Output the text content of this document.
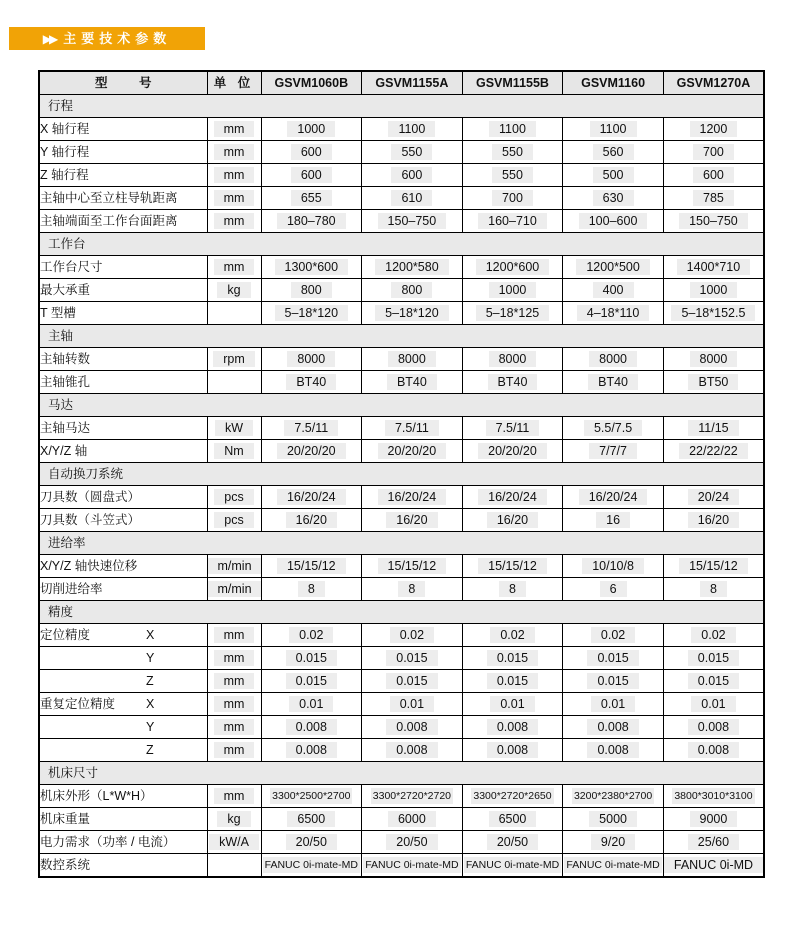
▶▶ 主要技术参数
型 号	单 位	GSVM1060B	GSVM1155A	GSVM1155B	GSVM1160	GSVM1270A
行程						
X 轴行程	mm	1000	1100	1100	1100	1200
Y 轴行程	mm	600	550	550	560	700
Z 轴行程	mm	600	600	550	500	600
主轴中心至立柱导轨距离	mm	655	610	700	630	785
主轴端面至工作台面距离	mm	180–780	150–750	160–710	100–600	150–750
工作台						
工作台尺寸	mm	1300*600	1200*580	1200*600	1200*500	1400*710
最大承重	kg	800	800	1000	400	1000
T 型槽		5–18*120	5–18*120	5–18*125	4–18*110	5–18*152.5
主轴						
主轴转数	rpm	8000	8000	8000	8000	8000
主轴锥孔		BT40	BT40	BT40	BT40	BT50
马达						
主轴马达	kW	7.5/11	7.5/11	7.5/11	5.5/7.5	11/15
X/Y/Z 轴	Nm	20/20/20	20/20/20	20/20/20	7/7/7	22/22/22
自动换刀系统						
刀具数（圆盘式）	pcs	16/20/24	16/20/24	16/20/24	16/20/24	20/24
刀具数（斗笠式）	pcs	16/20	16/20	16/20	16	16/20
进给率						
X/Y/Z 轴快速位移	m/min	15/15/12	15/15/12	15/15/12	10/10/8	15/15/12
切削进给率	m/min	8	8	8	6	8
精度						
定位精度 X	mm	0.02	0.02	0.02	0.02	0.02

Y	mm	0.015	0.015	0.015	0.015	0.015

Z	mm	0.015	0.015	0.015	0.015	0.015
重复定位精度 X	mm	0.01	0.01	0.01	0.01	0.01

Y	mm	0.008	0.008	0.008	0.008	0.008

Z	mm	0.008	0.008	0.008	0.008	0.008
机床尺寸						
机床外形（L*W*H）	mm	3300*2500*2700	3300*2720*2720	3300*2720*2650	3200*2380*2700	3800*3010*3100
机床重量	kg	6500	6000	6500	5000	9000
电力需求（功率 / 电流）	kW/A	20/50	20/50	20/50	9/20	25/60
数控系统		FANUC 0i-mate-MD	FANUC 0i-mate-MD	FANUC 0i-mate-MD	FANUC 0i-mate-MD	FANUC 0i-MD
